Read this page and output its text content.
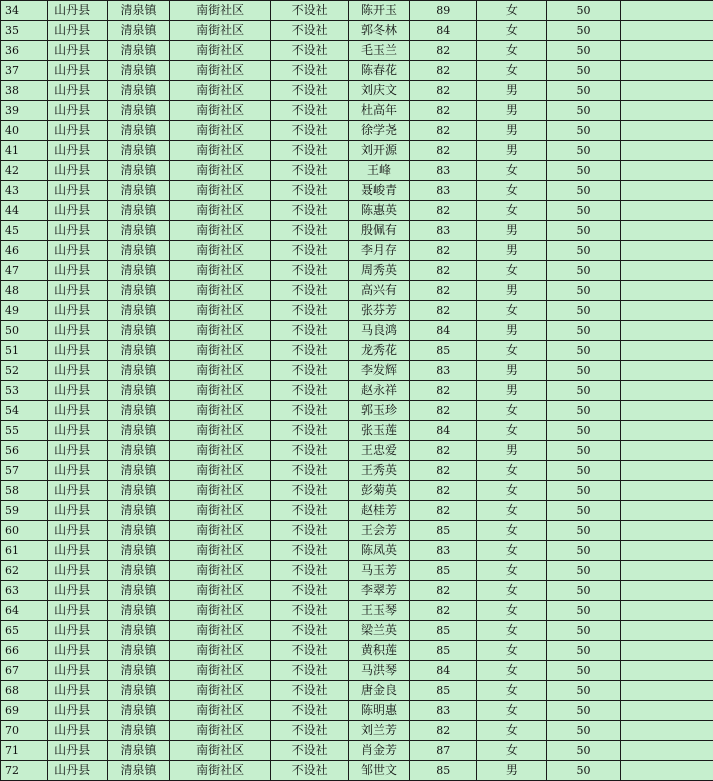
34	山丹县	清泉镇	南街社区	不设社	陈开玉	89	女	50	
35	山丹县	清泉镇	南街社区	不设社	郭冬林	84	女	50	
36	山丹县	清泉镇	南街社区	不设社	毛玉兰	82	女	50	
37	山丹县	清泉镇	南街社区	不设社	陈春花	82	女	50	
38	山丹县	清泉镇	南街社区	不设社	刘庆文	82	男	50	
39	山丹县	清泉镇	南街社区	不设社	杜高年	82	男	50	
40	山丹县	清泉镇	南街社区	不设社	徐学尧	82	男	50	
41	山丹县	清泉镇	南街社区	不设社	刘开源	82	男	50	
42	山丹县	清泉镇	南街社区	不设社	王峰	83	女	50	
43	山丹县	清泉镇	南街社区	不设社	聂峻青	83	女	50	
44	山丹县	清泉镇	南街社区	不设社	陈惠英	82	女	50	
45	山丹县	清泉镇	南街社区	不设社	殷佩有	83	男	50	
46	山丹县	清泉镇	南街社区	不设社	李月存	82	男	50	
47	山丹县	清泉镇	南街社区	不设社	周秀英	82	女	50	
48	山丹县	清泉镇	南街社区	不设社	高兴有	82	男	50	
49	山丹县	清泉镇	南街社区	不设社	张芬芳	82	女	50	
50	山丹县	清泉镇	南街社区	不设社	马良鸿	84	男	50	
51	山丹县	清泉镇	南街社区	不设社	龙秀花	85	女	50	
52	山丹县	清泉镇	南街社区	不设社	李发辉	83	男	50	
53	山丹县	清泉镇	南街社区	不设社	赵永祥	82	男	50	
54	山丹县	清泉镇	南街社区	不设社	郭玉珍	82	女	50	
55	山丹县	清泉镇	南街社区	不设社	张玉莲	84	女	50	
56	山丹县	清泉镇	南街社区	不设社	王忠爱	82	男	50	
57	山丹县	清泉镇	南街社区	不设社	王秀英	82	女	50	
58	山丹县	清泉镇	南街社区	不设社	彭菊英	82	女	50	
59	山丹县	清泉镇	南街社区	不设社	赵桂芳	82	女	50	
60	山丹县	清泉镇	南街社区	不设社	王会芳	85	女	50	
61	山丹县	清泉镇	南街社区	不设社	陈凤英	83	女	50	
62	山丹县	清泉镇	南街社区	不设社	马玉芳	85	女	50	
63	山丹县	清泉镇	南街社区	不设社	李翠芳	82	女	50	
64	山丹县	清泉镇	南街社区	不设社	王玉琴	82	女	50	
65	山丹县	清泉镇	南街社区	不设社	梁兰英	85	女	50	
66	山丹县	清泉镇	南街社区	不设社	黄积莲	85	女	50	
67	山丹县	清泉镇	南街社区	不设社	马洪琴	84	女	50	
68	山丹县	清泉镇	南街社区	不设社	唐金良	85	女	50	
69	山丹县	清泉镇	南街社区	不设社	陈明惠	83	女	50	
70	山丹县	清泉镇	南街社区	不设社	刘兰芳	82	女	50	
71	山丹县	清泉镇	南街社区	不设社	肖金芳	87	女	50	
72	山丹县	清泉镇	南街社区	不设社	邹世文	85	男	50	
